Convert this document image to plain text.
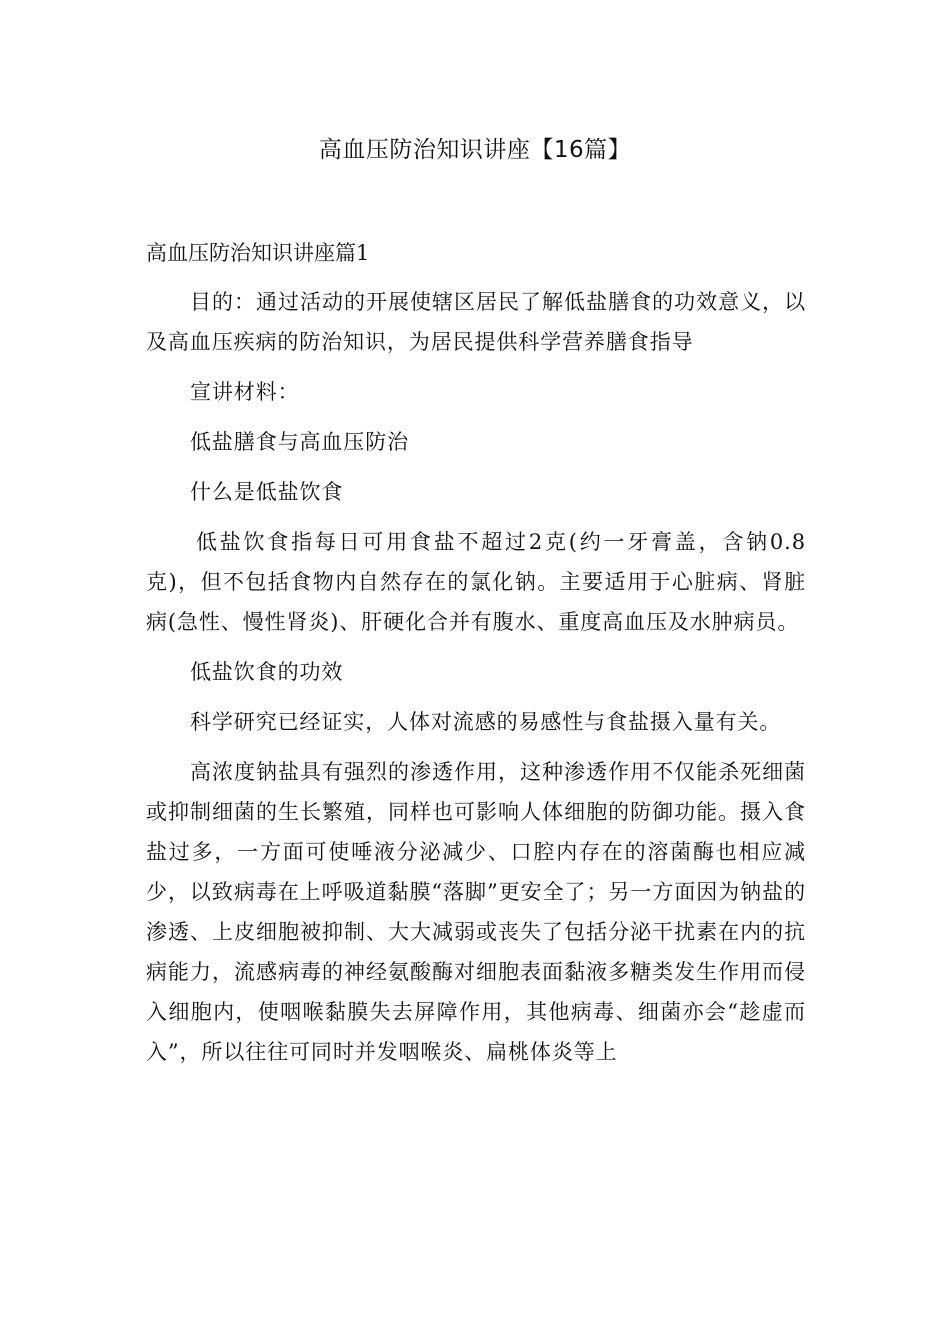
高血压防治知识讲座【16篇】
高血压防治知识讲座篇1

目的：通过活动的开展使辖区居民了解低盐膳食的功效意义，以及高血压疾病的防治知识，为居民提供科学营养膳食指导

宣讲材料：

低盐膳食与高血压防治

什么是低盐饮食

低盐饮食指每日可用食盐不超过2克(约一牙膏盖，含钠0.8克)，但不包括食物内自然存在的氯化钠。主要适用于心脏病、肾脏病(急性、慢性肾炎)、肝硬化合并有腹水、重度高血压及水肿病员。

低盐饮食的功效

科学研究已经证实，人体对流感的易感性与食盐摄入量有关。

高浓度钠盐具有强烈的渗透作用，这种渗透作用不仅能杀死细菌或抑制细菌的生长繁殖，同样也可影响人体细胞的防御功能。摄入食盐过多，一方面可使唾液分泌减少、口腔内存在的溶菌酶也相应减少，以致病毒在上呼吸道黏膜“落脚”更安全了；另一方面因为钠盐的渗透、上皮细胞被抑制、大大减弱或丧失了包括分泌干扰素在内的抗病能力，流感病毒的神经氨酸酶对细胞表面黏液多糖类发生作用而侵入细胞内，使咽喉黏膜失去屏障作用，其他病毒、细菌亦会“趁虚而入”，所以往往可同时并发咽喉炎、扁桃体炎等上
